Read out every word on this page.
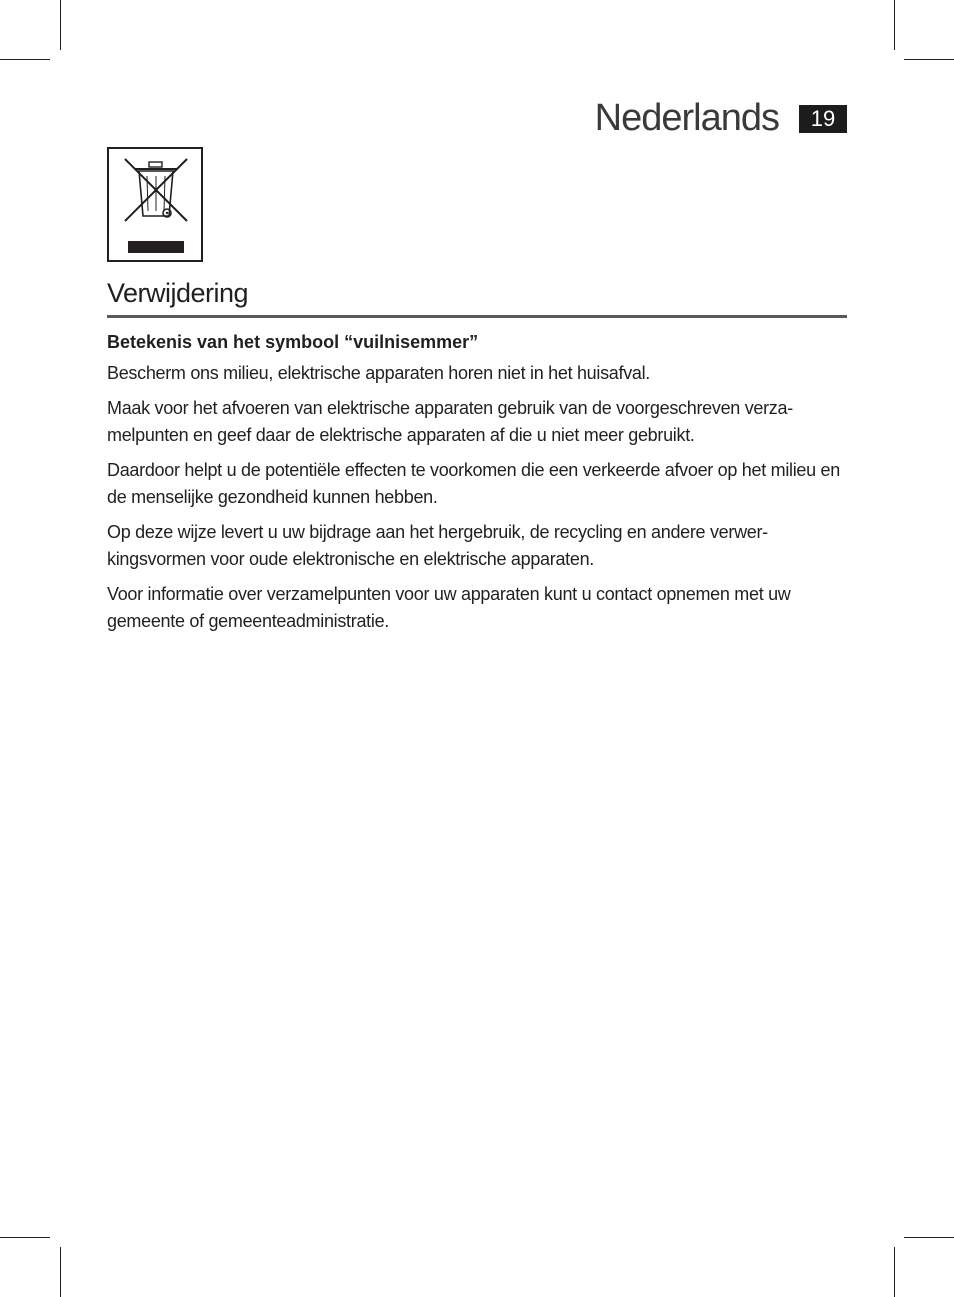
Nederlands	19
Verwijdering
Betekenis van het symbool “vuilnisemmer”

Bescherm ons milieu, elektrische apparaten horen niet in het huisafval.

Maak voor het afvoeren van elektrische apparaten gebruik van de voorgeschreven verza-melpunten en geef daar de elektrische apparaten af die u niet meer gebruikt.

Daardoor helpt u de potentiële effecten te voorkomen die een verkeerde afvoer op het milieu en de menselijke gezondheid kunnen hebben.

Op deze wijze levert u uw bijdrage aan het hergebruik, de recycling en andere verwer-kingsvormen voor oude elektronische en elektrische apparaten.

Voor informatie over verzamelpunten voor uw apparaten kunt u contact opnemen met uw gemeente of gemeenteadministratie.
